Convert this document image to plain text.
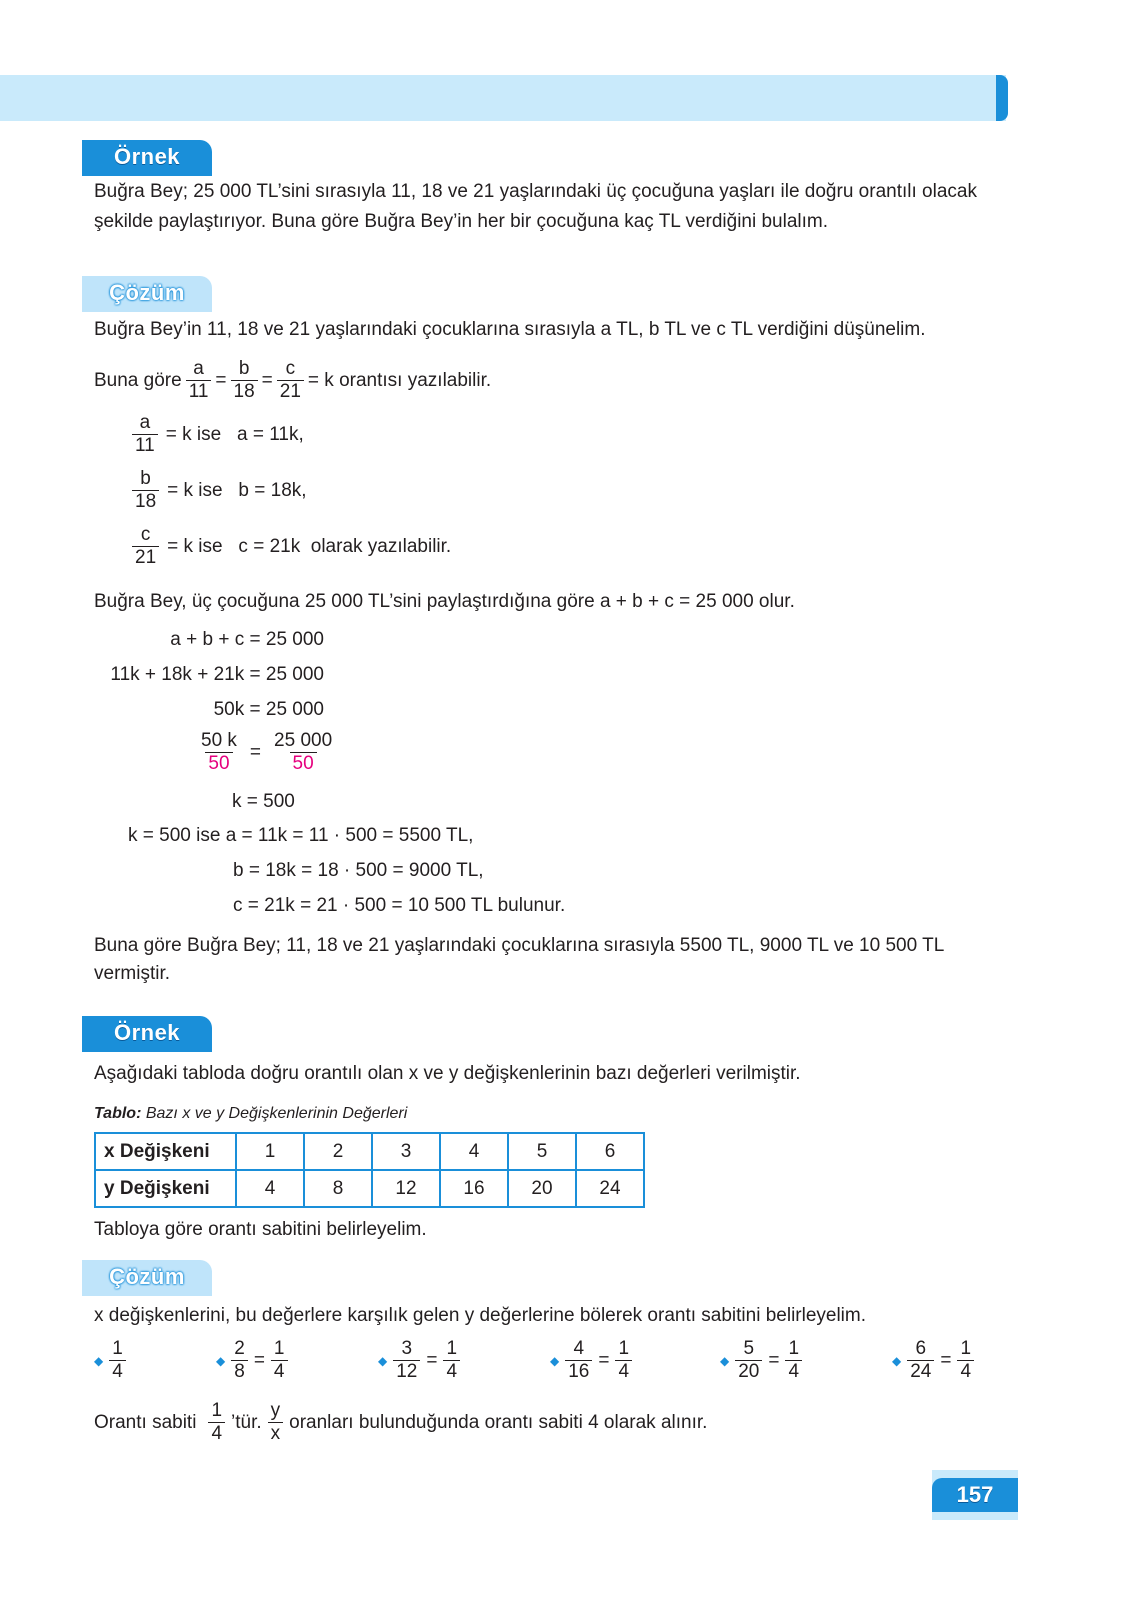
Örnek
Buğra Bey; 25 000 TL’sini sırasıyla 11, 18 ve 21 yaşlarındaki üç çocuğuna yaşları ile doğru orantılı olacak
şekilde paylaştırıyor. Buna göre Buğra Bey’in her bir çocuğuna kaç TL verdiğini bulalım.
Çözüm
Buğra Bey’in 11, 18 ve 21 yaşlarındaki çocuklarına sırasıyla a TL, b TL ve c TL verdiğini düşünelim.
Buna göre $\frac{a}{11} = \frac{b}{18} = \frac{c}{21} = k$ orantısı yazılabilir.
$\frac{a}{11} = k$ ise   a = 11k,
$\frac{b}{18} = k$ ise   b = 18k,
$\frac{c}{21} = k$ ise   c = 21k  olarak yazılabilir.
Buğra Bey, üç çocuğuna 25 000 TL’sini paylaştırdığına göre a + b + c = 25 000 olur.
a + b + c = 25 000
11k + 18k + 21k = 25 000
50k = 25 000
$\frac{50 k}{50} = \frac{25 000}{50}$
k = 500
k = 500 ise a = 11k = 11 · 500 = 5500 TL,
b = 18k = 18 · 500 = 9000 TL,
c = 21k = 21 · 500 = 10 500 TL bulunur.
Buna göre Buğra Bey; 11, 18 ve 21 yaşlarındaki çocuklarına sırasıyla 5500 TL, 9000 TL ve 10 500 TL
vermiştir.
Örnek
Aşağıdaki tabloda doğru orantılı olan x ve y değişkenlerinin bazı değerleri verilmiştir.
Tablo: Bazı x ve y Değişkenlerinin Değerleri
x Değişkeni	1	2	3	4	5	6
y Değişkeni	4	8	12	16	20	24
Tabloya göre orantı sabitini belirleyelim.
Çözüm
x değişkenlerini, bu değerlere karşılık gelen y değerlerine bölerek orantı sabitini belirleyelim.
◆ $\frac{1}{4}$	◆ $\frac{2}{8} = \frac{1}{4}$	◆ $\frac{3}{12} = \frac{1}{4}$	◆ $\frac{4}{16} = \frac{1}{4}$	◆ $\frac{5}{20} = \frac{1}{4}$	◆ $\frac{6}{24} = \frac{1}{4}$
Orantı sabiti $\frac{1}{4}$ ’tür. $\frac{y}{x}$ oranları bulunduğunda orantı sabiti 4 olarak alınır.
157
